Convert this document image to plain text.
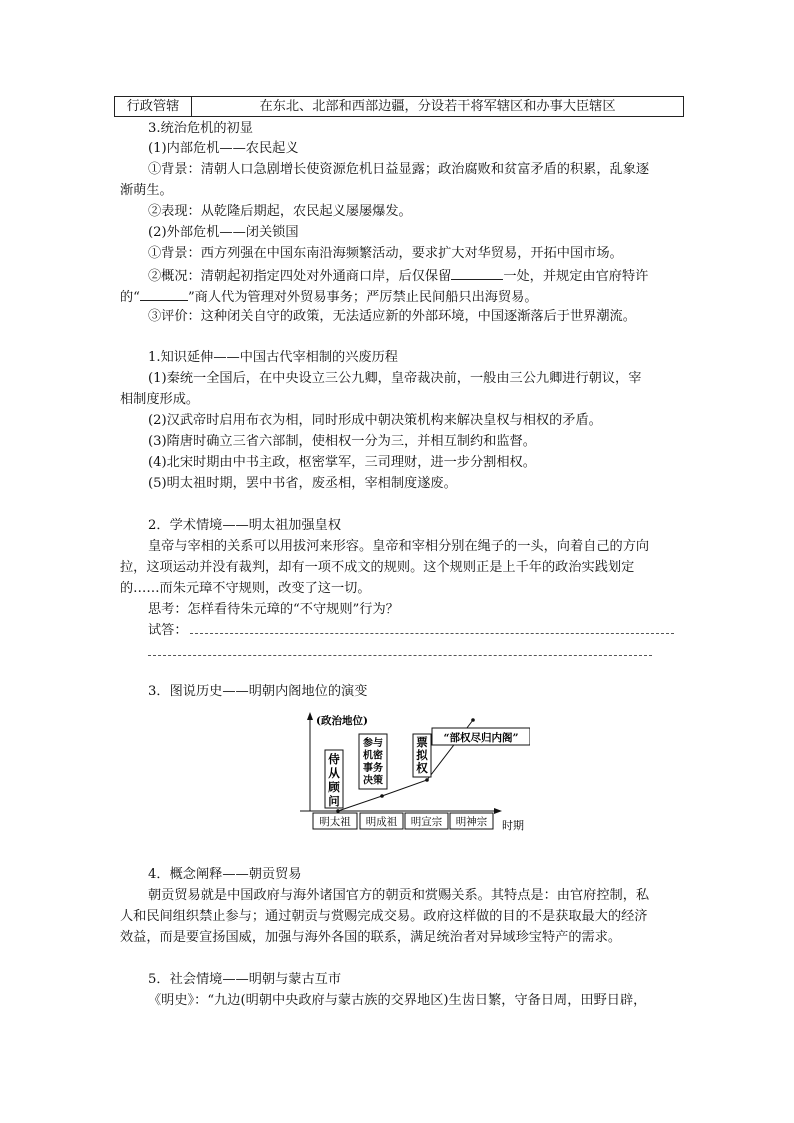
行政管辖	在东北、北部和西部边疆，分设若干将军辖区和办事大臣辖区
3.统治危机的初显
(1)内部危机——农民起义
①背景：清朝人口急剧增长使资源危机日益显露；政治腐败和贫富矛盾的积累，乱象逐
渐萌生。
②表现：从乾隆后期起，农民起义屡屡爆发。
(2)外部危机——闭关锁国
①背景：西方列强在中国东南沿海频繁活动，要求扩大对华贸易，开拓中国市场。
②概况：清朝起初指定四处对外通商口岸，后仅保留	一处，并规定由官府特许
的“	”商人代为管理对外贸易事务；严厉禁止民间船只出海贸易。
③评价：这种闭关自守的政策，无法适应新的外部环境，中国逐渐落后于世界潮流。
1.知识延伸——中国古代宰相制的兴废历程
(1)秦统一全国后，在中央设立三公九卿，皇帝裁决前，一般由三公九卿进行朝议，宰
相制度形成。
(2)汉武帝时启用布衣为相，同时形成中朝决策机构来解决皇权与相权的矛盾。
(3)隋唐时确立三省六部制，使相权一分为三，并相互制约和监督。
(4)北宋时期由中书主政，枢密掌军，三司理财，进一步分割相权。
(5)明太祖时期，罢中书省，废丞相，宰相制度遂废。
2．学术情境——明太祖加强皇权
皇帝与宰相的关系可以用拔河来形容。皇帝和宰相分别在绳子的一头，向着自己的方向
拉，这项运动并没有裁判，却有一项不成文的规则。这个规则正是上千年的政治实践划定
的……而朱元璋不守规则，改变了这一切。
思考：怎样看待朱元璋的“不守规则”行为？
试答：
3．图说历史——明朝内阁地位的演变
(政治地位)
时期
明太祖 明成祖 明宣宗 明神宗
侍
从
顾
问
参与
机密
事务
决策
票
拟
权
“部权尽归内阁”
4．概念阐释——朝贡贸易
朝贡贸易就是中国政府与海外诸国官方的朝贡和赏赐关系。其特点是：由官府控制，私
人和民间组织禁止参与；通过朝贡与赏赐完成交易。政府这样做的目的不是获取最大的经济
效益，而是要宣扬国威，加强与海外各国的联系，满足统治者对异域珍宝特产的需求。
5．社会情境——明朝与蒙古互市
《明史》：“九边(明朝中央政府与蒙古族的交界地区)生齿日繁，守备日周，田野日辟，
